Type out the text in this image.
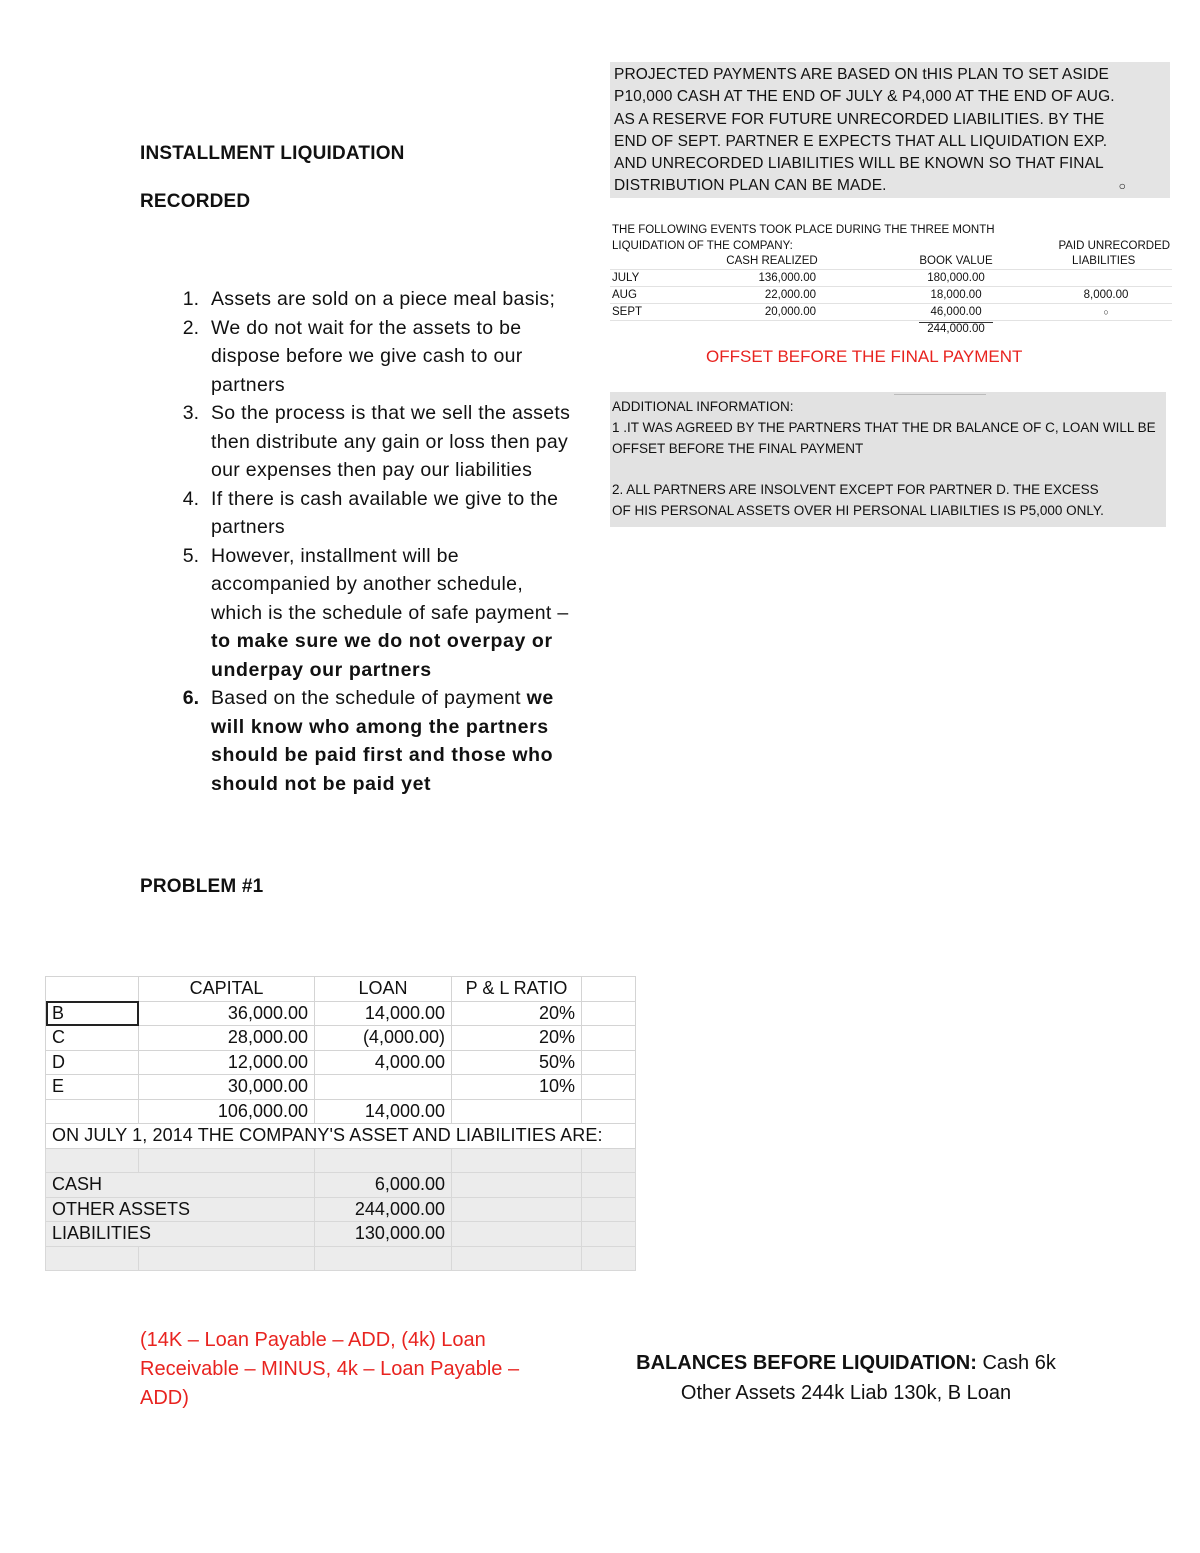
INSTALLMENT LIQUIDATION
RECORDED
1. Assets are sold on a piece meal basis;
2. We do not wait for the assets to be dispose before we give cash to our partners
3. So the process is that we sell the assets then distribute any gain or loss then pay our expenses then pay our liabilities
4. If there is cash available we give to the partners
5. However, installment will be accompanied by another schedule, which is the schedule of safe payment – to make sure we do not overpay or underpay our partners
6. Based on the schedule of payment we will know who among the partners should be paid first and those who should not be paid yet
PROBLEM #1
	CAPITAL	LOAN	P & L RATIO	
B	36,000.00	14,000.00	20%	
C	28,000.00	(4,000.00)	20%	
D	12,000.00	4,000.00	50%	
E	30,000.00		10%	
	106,000.00	14,000.00		
ON JULY 1, 2014 THE COMPANY'S ASSET AND LIABILITIES ARE:				

CASH		6,000.00		
OTHER ASSETS		244,000.00		
LIABILITIES		130,000.00		

(14K – Loan Payable – ADD, (4k) Loan Receivable – MINUS, 4k – Loan Payable – ADD)
BALANCES BEFORE LIQUIDATION: Cash 6k Other Assets 244k Liab 130k, B Loan
PROJECTED PAYMENTS ARE BASED ON tHIS PLAN TO SET ASIDE
P10,000 CASH AT THE END OF JULY & P4,000 AT THE END OF AUG.
AS A RESERVE FOR FUTURE UNRECORDED LIABILITIES. BY THE
END OF SEPT. PARTNER E EXPECTS THAT ALL LIQUIDATION EXP.
AND UNRECORDED LIABILITIES WILL BE KNOWN SO THAT FINAL
DISTRIBUTION PLAN CAN BE MADE.	○
THE FOLLOWING EVENTS TOOK PLACE DURING THE THREE MONTH			
LIQUIDATION OF THE COMPANY:			PAID UNRECORDED
	CASH REALIZED	BOOK VALUE	LIABILITIES
JULY	136,000.00	180,000.00	
AUG	22,000.00	18,000.00	8,000.00
SEPT	20,000.00	46,000.00	○
		244,000.00	
OFFSET BEFORE THE FINAL PAYMENT
ADDITIONAL INFORMATION:
1 .IT WAS AGREED BY THE PARTNERS THAT THE DR BALANCE OF C, LOAN WILL BE
OFFSET BEFORE THE FINAL PAYMENT
2. ALL PARTNERS ARE INSOLVENT EXCEPT FOR PARTNER D. THE EXCESS
OF HIS PERSONAL ASSETS OVER HI PERSONAL LIABILTIES IS P5,000 ONLY.
